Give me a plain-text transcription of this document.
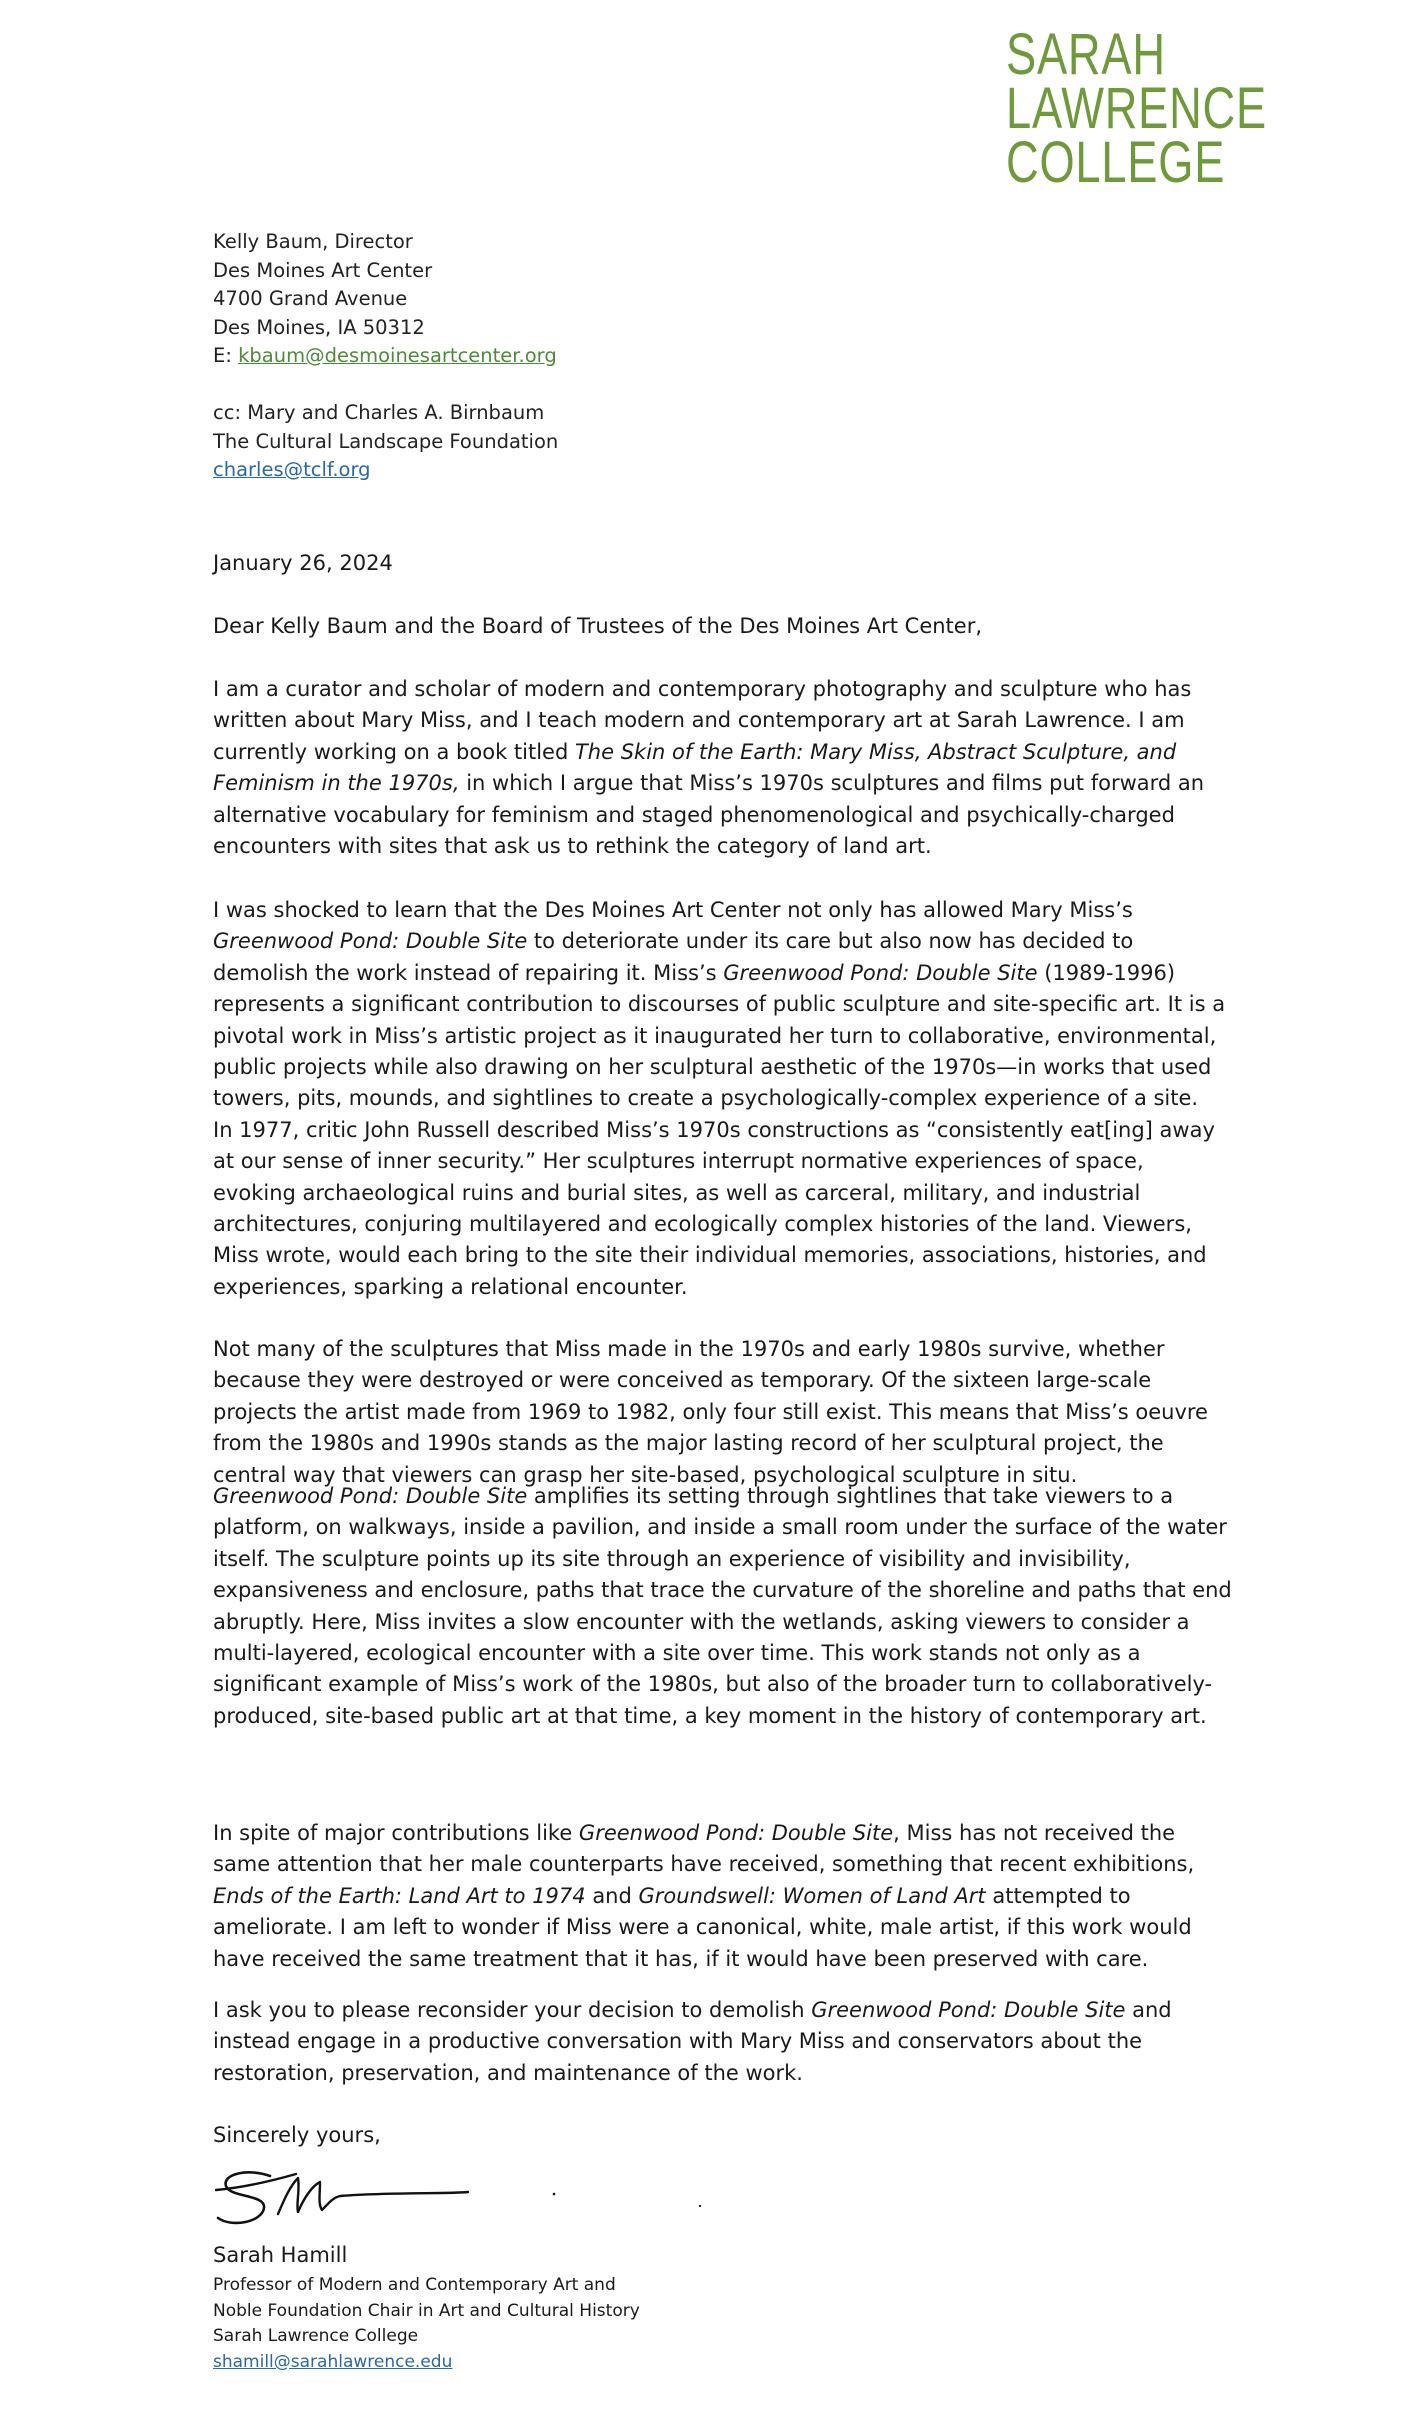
SARAH
LAWRENCE
COLLEGE
Kelly Baum, Director
Des Moines Art Center
4700 Grand Avenue
Des Moines, IA 50312
E: kbaum@desmoinesartcenter.org
cc: Mary and Charles A. Birnbaum
The Cultural Landscape Foundation
charles@tclf.org
January 26, 2024
Dear Kelly Baum and the Board of Trustees of the Des Moines Art Center,
I am a curator and scholar of modern and contemporary photography and sculpture who has
written about Mary Miss, and I teach modern and contemporary art at Sarah Lawrence. I am
currently working on a book titled The Skin of the Earth: Mary Miss, Abstract Sculpture, and
Feminism in the 1970s, in which I argue that Miss’s 1970s sculptures and films put forward an
alternative vocabulary for feminism and staged phenomenological and psychically-charged
encounters with sites that ask us to rethink the category of land art.
I was shocked to learn that the Des Moines Art Center not only has allowed Mary Miss’s
Greenwood Pond: Double Site to deteriorate under its care but also now has decided to
demolish the work instead of repairing it. Miss’s Greenwood Pond: Double Site (1989-1996)
represents a significant contribution to discourses of public sculpture and site-specific art. It is a
pivotal work in Miss’s artistic project as it inaugurated her turn to collaborative, environmental,
public projects while also drawing on her sculptural aesthetic of the 1970s—in works that used
towers, pits, mounds, and sightlines to create a psychologically-complex experience of a site.
In 1977, critic John Russell described Miss’s 1970s constructions as “consistently eat[ing] away
at our sense of inner security.” Her sculptures interrupt normative experiences of space,
evoking archaeological ruins and burial sites, as well as carceral, military, and industrial
architectures, conjuring multilayered and ecologically complex histories of the land. Viewers,
Miss wrote, would each bring to the site their individual memories, associations, histories, and
experiences, sparking a relational encounter.
Not many of the sculptures that Miss made in the 1970s and early 1980s survive, whether
because they were destroyed or were conceived as temporary. Of the sixteen large-scale
projects the artist made from 1969 to 1982, only four still exist. This means that Miss’s oeuvre
from the 1980s and 1990s stands as the major lasting record of her sculptural project, the
central way that viewers can grasp her site-based, psychological sculpture in situ.
Greenwood Pond: Double Site amplifies its setting through sightlines that take viewers to a
platform, on walkways, inside a pavilion, and inside a small room under the surface of the water
itself. The sculpture points up its site through an experience of visibility and invisibility,
expansiveness and enclosure, paths that trace the curvature of the shoreline and paths that end
abruptly. Here, Miss invites a slow encounter with the wetlands, asking viewers to consider a
multi-layered, ecological encounter with a site over time. This work stands not only as a
significant example of Miss’s work of the 1980s, but also of the broader turn to collaboratively-
produced, site-based public art at that time, a key moment in the history of contemporary art.
In spite of major contributions like Greenwood Pond: Double Site, Miss has not received the
same attention that her male counterparts have received, something that recent exhibitions,
Ends of the Earth: Land Art to 1974 and Groundswell: Women of Land Art attempted to
ameliorate. I am left to wonder if Miss were a canonical, white, male artist, if this work would
have received the same treatment that it has, if it would have been preserved with care.
I ask you to please reconsider your decision to demolish Greenwood Pond: Double Site and
instead engage in a productive conversation with Mary Miss and conservators about the
restoration, preservation, and maintenance of the work.
Sincerely yours,
Sarah Hamill
Professor of Modern and Contemporary Art and
Noble Foundation Chair in Art and Cultural History
Sarah Lawrence College
shamill@sarahlawrence.edu
